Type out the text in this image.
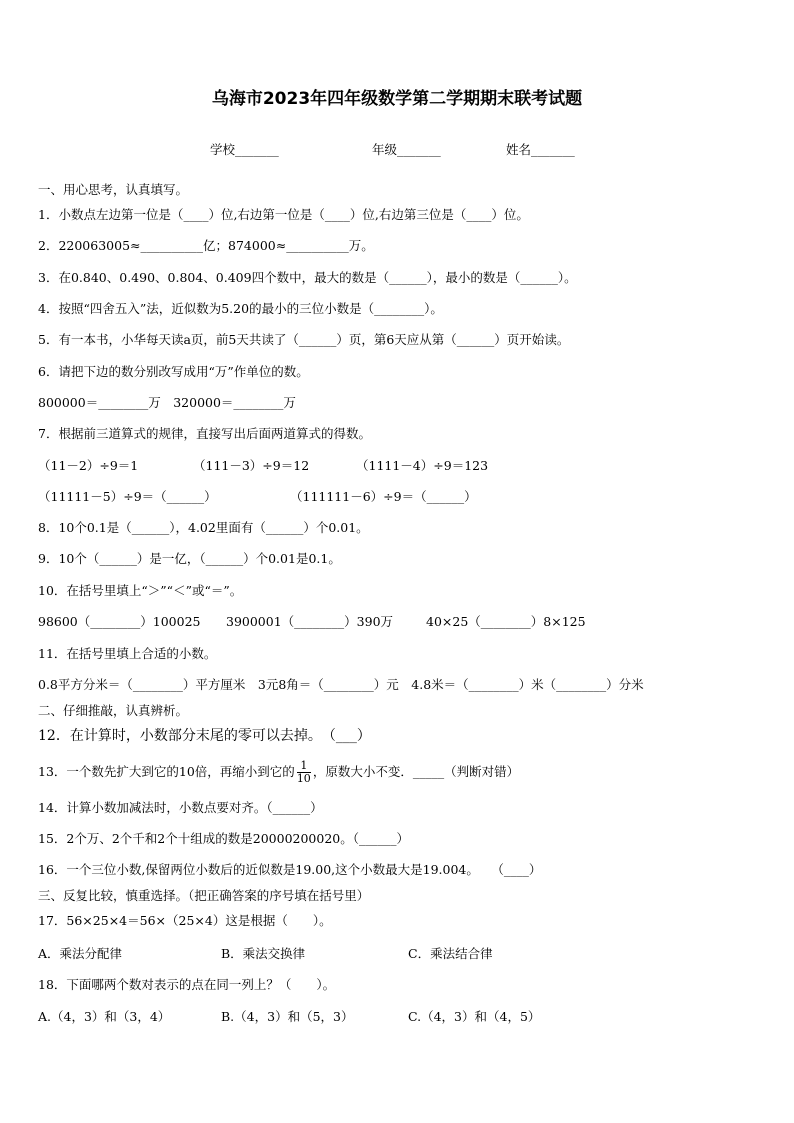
乌海市2023年四年级数学第二学期期末联考试题
学校_______	年级_______	姓名_______
一、用心思考，认真填写。
1．小数点左边第一位是（____）位,右边第一位是（____）位,右边第三位是（____）位。
2．220063005≈__________亿；874000≈__________万。
3．在0.840、0.490、0.804、0.409四个数中，最大的数是（______），最小的数是（______）。
4．按照“四舍五入”法，近似数为5.20的最小的三位小数是（________）。
5．有一本书，小华每天读a页，前5天共读了（______）页，第6天应从第（______）页开始读。
6．请把下边的数分别改写成用“万”作单位的数。
800000＝________万　320000＝________万
7．根据前三道算式的规律，直接写出后面两道算式的得数。
（11－2）÷9＝1	（111－3）÷9＝12	（1111－4）÷9＝123
（11111－5）÷9＝（______）	（111111－6）÷9＝（______）
8．10个0.1是（______），4.02里面有（______）个0.01。
9．10个（______）是一亿，（______）个0.01是0.1。
10．在括号里填上“＞”“＜”或“＝”。
98600（________）100025 3900001（________）390万	40×25（________）8×125
11．在括号里填上合适的小数。
0.8平方分米＝（________）平方厘米　3元8角＝（________）元　4.8米＝（________）米（________）分米
二、仔细推敲，认真辨析。
12．在计算时，小数部分末尾的零可以去掉。　（___）
13．一个数先扩大到它的10倍，再缩小到它的 $\frac{1}{10}$ ，原数大小不变．_____（判断对错）
14．计算小数加减法时，小数点要对齐。（______）
15．2个万、2个千和2个十组成的数是20000200020。（______）
16．一个三位小数,保留两位小数后的近似数是19.00,这个小数最大是19.004。　　（____）
三、反复比较，慎重选择。（把正确答案的序号填在括号里）
17．56×25×4＝56×（25×4）这是根据（　　）。
A．乘法分配律	B．乘法交换律	C．乘法结合律
18．下面哪两个数对表示的点在同一列上？（　　）。
A.（4，3）和（3，4）	B.（4，3）和（5，3）	C.（4，3）和（4，5）
